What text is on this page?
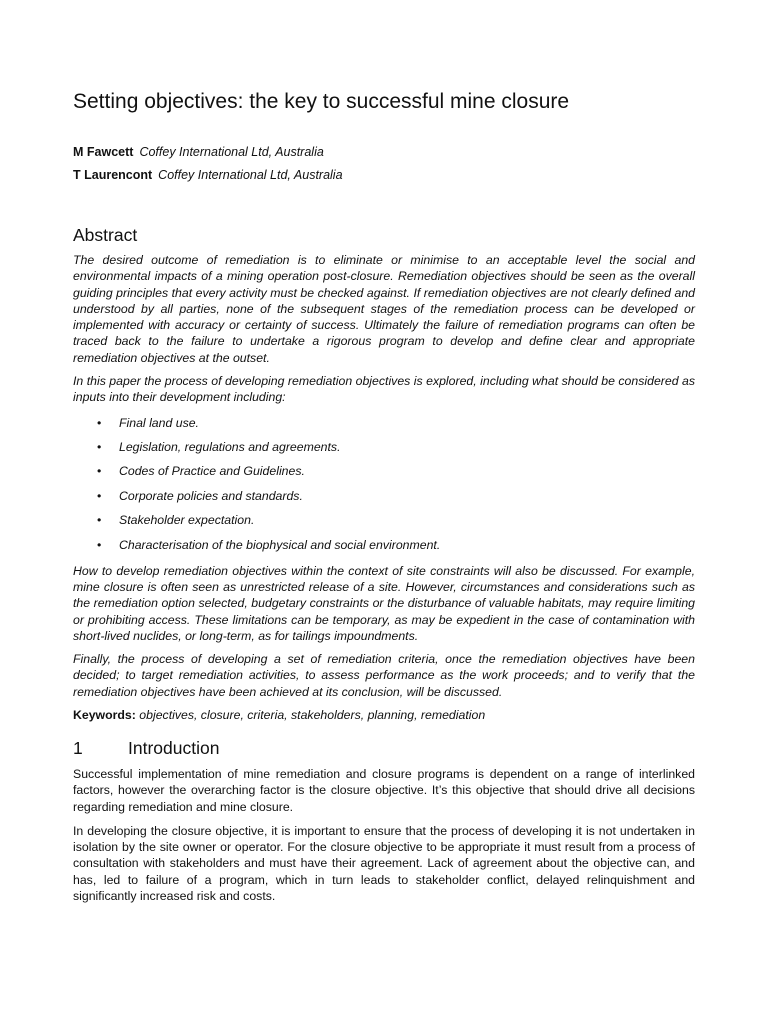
Setting objectives: the key to successful mine closure
M Fawcett Coffey International Ltd, Australia
T Laurencont Coffey International Ltd, Australia
Abstract

The desired outcome of remediation is to eliminate or minimise to an acceptable level the social and environmental impacts of a mining operation post-closure. Remediation objectives should be seen as the overall guiding principles that every activity must be checked against. If remediation objectives are not clearly defined and understood by all parties, none of the subsequent stages of the remediation process can be developed or implemented with accuracy or certainty of success. Ultimately the failure of remediation programs can often be traced back to the failure to undertake a rigorous program to develop and define clear and appropriate remediation objectives at the outset.

In this paper the process of developing remediation objectives is explored, including what should be considered as inputs into their development including:

• Final land use.
• Legislation, regulations and agreements.
• Codes of Practice and Guidelines.
• Corporate policies and standards.
• Stakeholder expectation.
• Characterisation of the biophysical and social environment.

How to develop remediation objectives within the context of site constraints will also be discussed. For example, mine closure is often seen as unrestricted release of a site. However, circumstances and considerations such as the remediation option selected, budgetary constraints or the disturbance of valuable habitats, may require limiting or prohibiting access. These limitations can be temporary, as may be expedient in the case of contamination with short-lived nuclides, or long-term, as for tailings impoundments.

Finally, the process of developing a set of remediation criteria, once the remediation objectives have been decided; to target remediation activities, to assess performance as the work proceeds; and to verify that the remediation objectives have been achieved at its conclusion, will be discussed.

Keywords: objectives, closure, criteria, stakeholders, planning, remediation

1	Introduction

Successful implementation of mine remediation and closure programs is dependent on a range of interlinked factors, however the overarching factor is the closure objective. It’s this objective that should drive all decisions regarding remediation and mine closure.

In developing the closure objective, it is important to ensure that the process of developing it is not undertaken in isolation by the site owner or operator. For the closure objective to be appropriate it must result from a process of consultation with stakeholders and must have their agreement. Lack of agreement about the objective can, and has, led to failure of a program, which in turn leads to stakeholder conflict, delayed relinquishment and significantly increased risk and costs.
